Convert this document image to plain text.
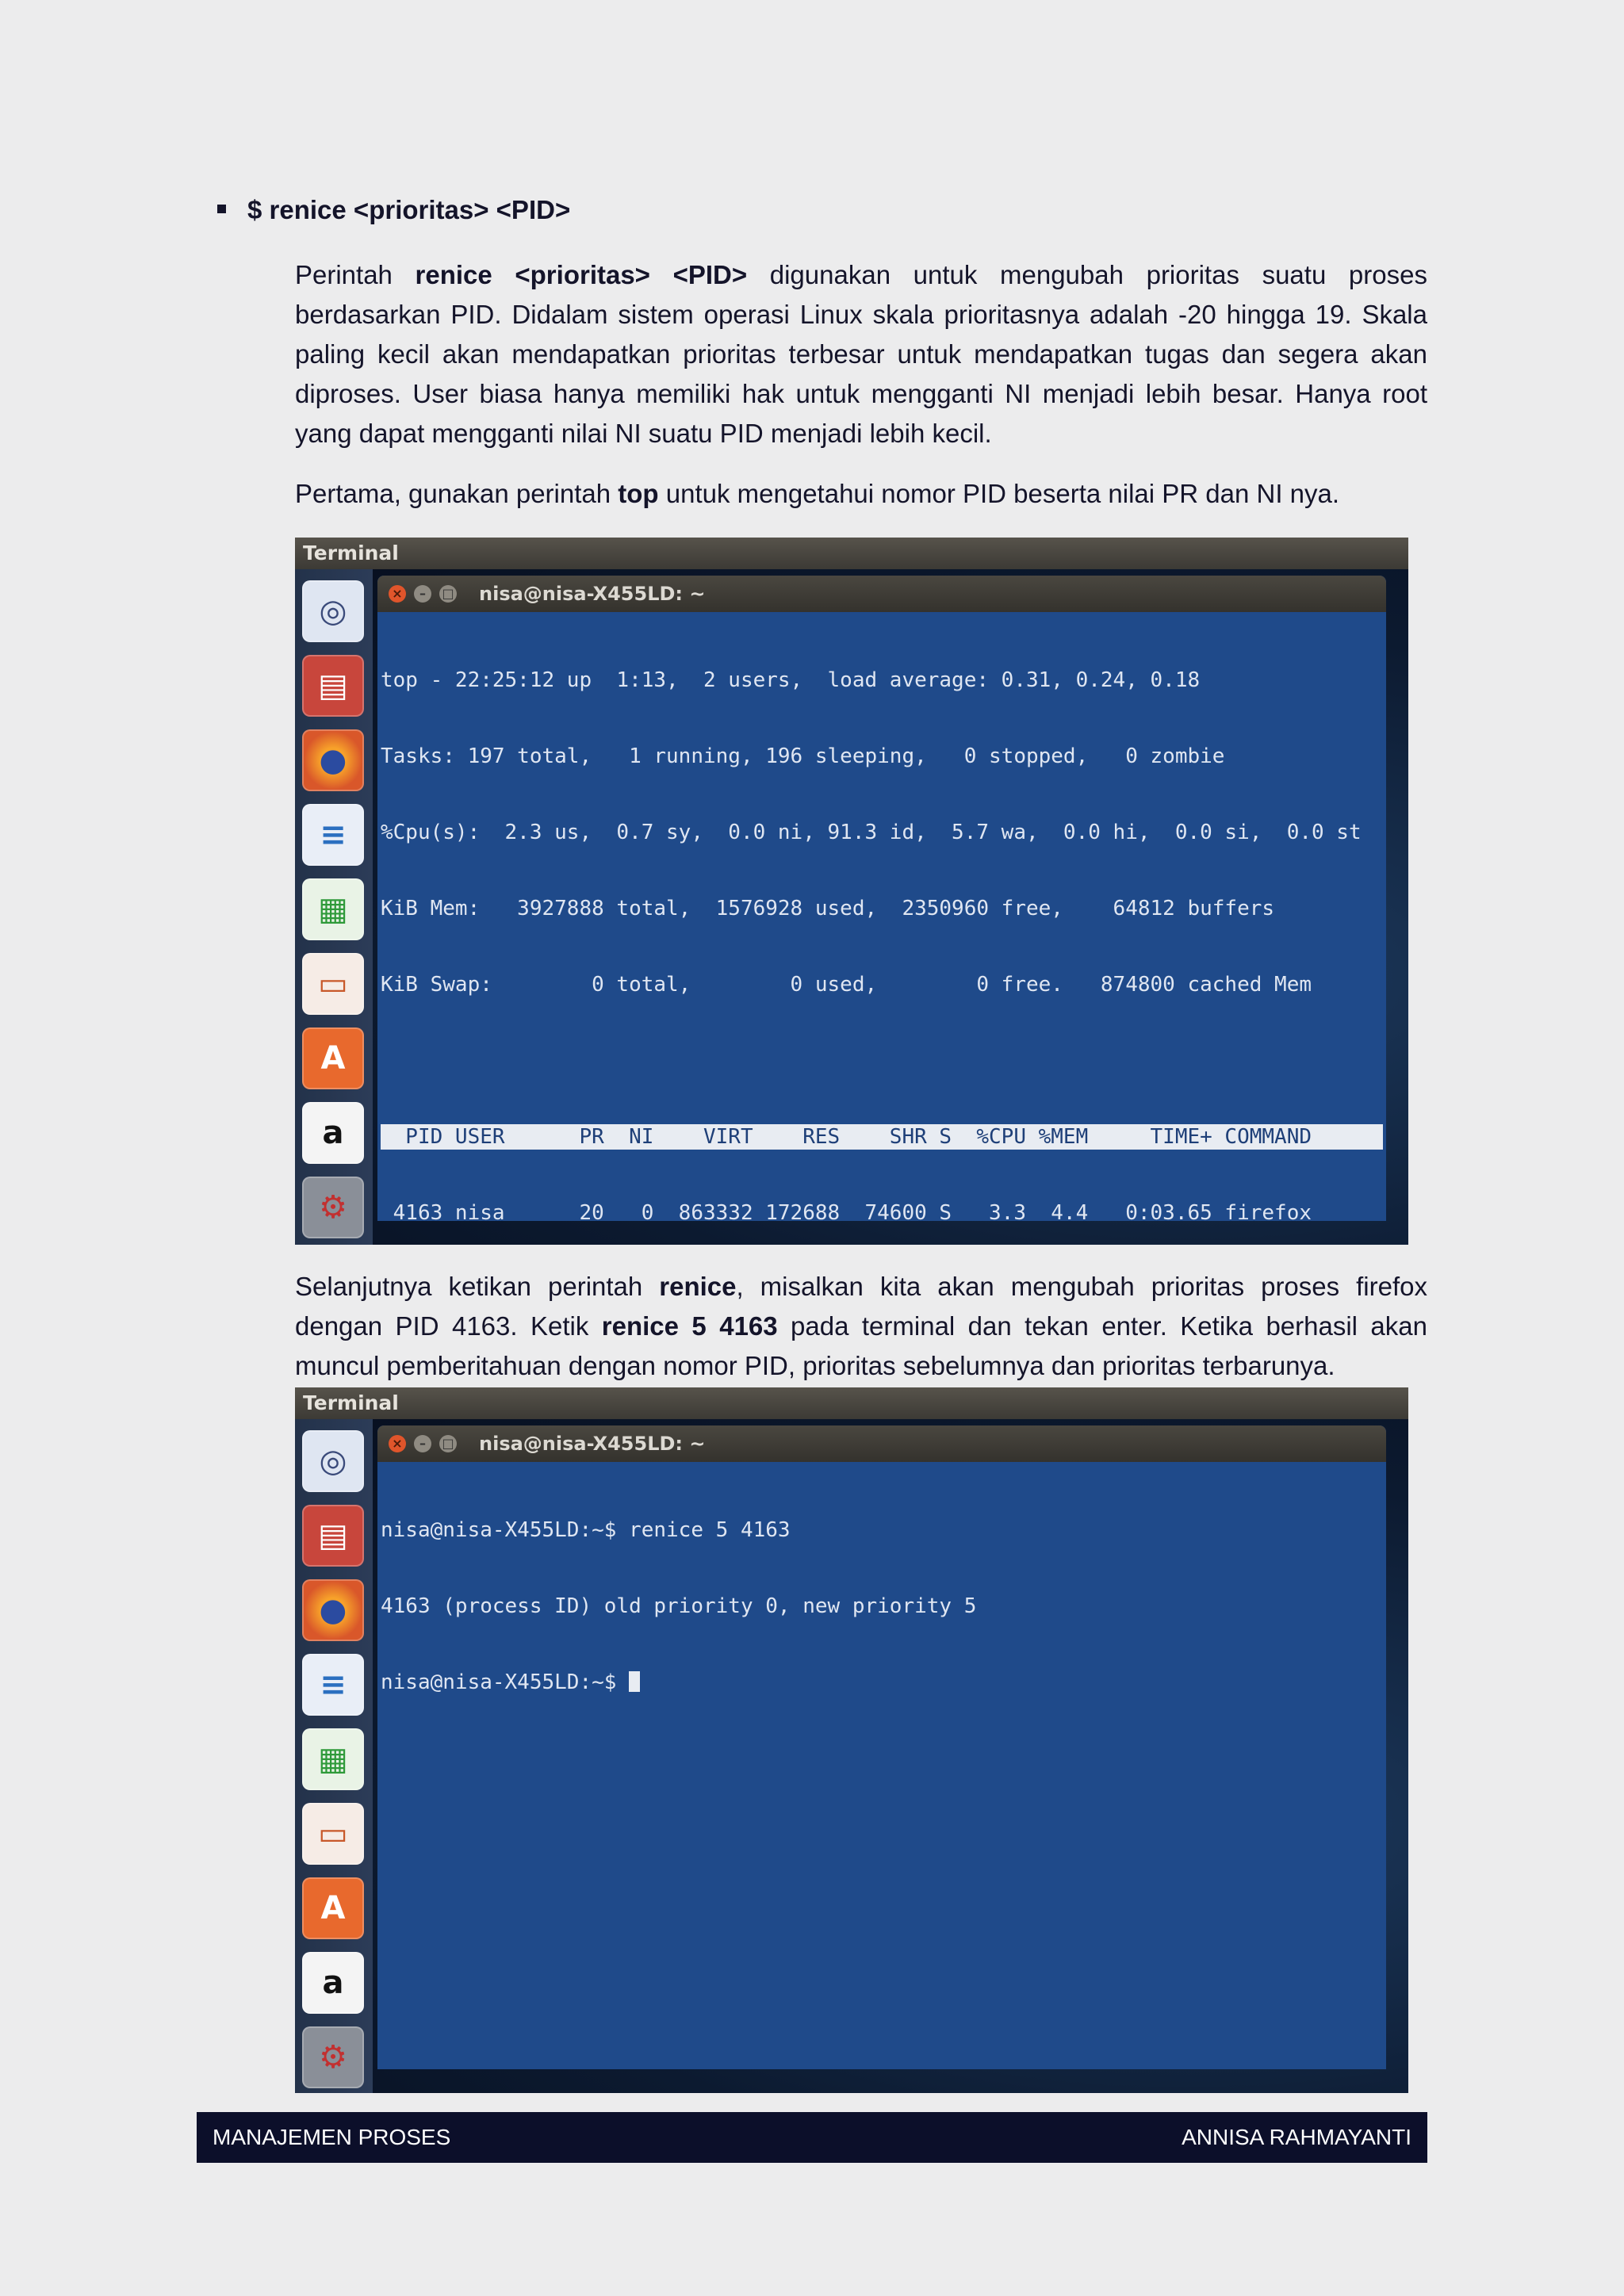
$ renice <prioritas> <PID>
Perintah renice <prioritas> <PID> digunakan untuk mengubah prioritas suatu proses berdasarkan PID. Didalam sistem operasi Linux skala prioritasnya adalah -20 hingga 19. Skala paling kecil akan mendapatkan prioritas terbesar untuk mendapatkan tugas dan segera akan diproses. User biasa hanya memiliki hak untuk mengganti NI menjadi lebih besar. Hanya root yang dapat mengganti nilai NI suatu PID menjadi lebih kecil.
Pertama, gunakan perintah top untuk mengetahui nomor PID beserta nilai PR dan NI nya.
Terminal
◎
▤
●
≡
▦
▭
A
a
⚙
×	–	□ nisa@nisa-X455LD: ~

top - 22:25:12 up  1:13,  2 users,  load average: 0.31, 0.24, 0.18

Tasks: 197 total,   1 running, 196 sleeping,   0 stopped,   0 zombie

%Cpu(s):  2.3 us,  0.7 sy,  0.0 ni, 91.3 id,  5.7 wa,  0.0 hi,  0.0 si,  0.0 st

KiB Mem:   3927888 total,  1576928 used,  2350960 free,    64812 buffers

KiB Swap:        0 total,        0 used,        0 free.   874800 cached Mem

PID USER      PR  NI    VIRT    RES    SHR S  %CPU %MEM     TIME+ COMMAND

4163 nisa      20   0  863332 172688  74600 S   3.3  4.4   0:03.65 firefox

Selanjutnya ketikan perintah renice, misalkan kita akan mengubah prioritas proses firefox dengan PID 4163. Ketik renice 5 4163 pada terminal dan tekan enter. Ketika berhasil akan muncul pemberitahuan dengan nomor PID, prioritas sebelumnya dan prioritas terbarunya.
Terminal
◎
▤
●
≡
▦
▭
A
a
⚙
×	–	□ nisa@nisa-X455LD: ~

nisa@nisa-X455LD:~$ renice 5 4163

4163 (process ID) old priority 0, new priority 5

nisa@nisa-X455LD:~$

MANAJEMEN PROSES	ANNISA RAHMAYANTI
